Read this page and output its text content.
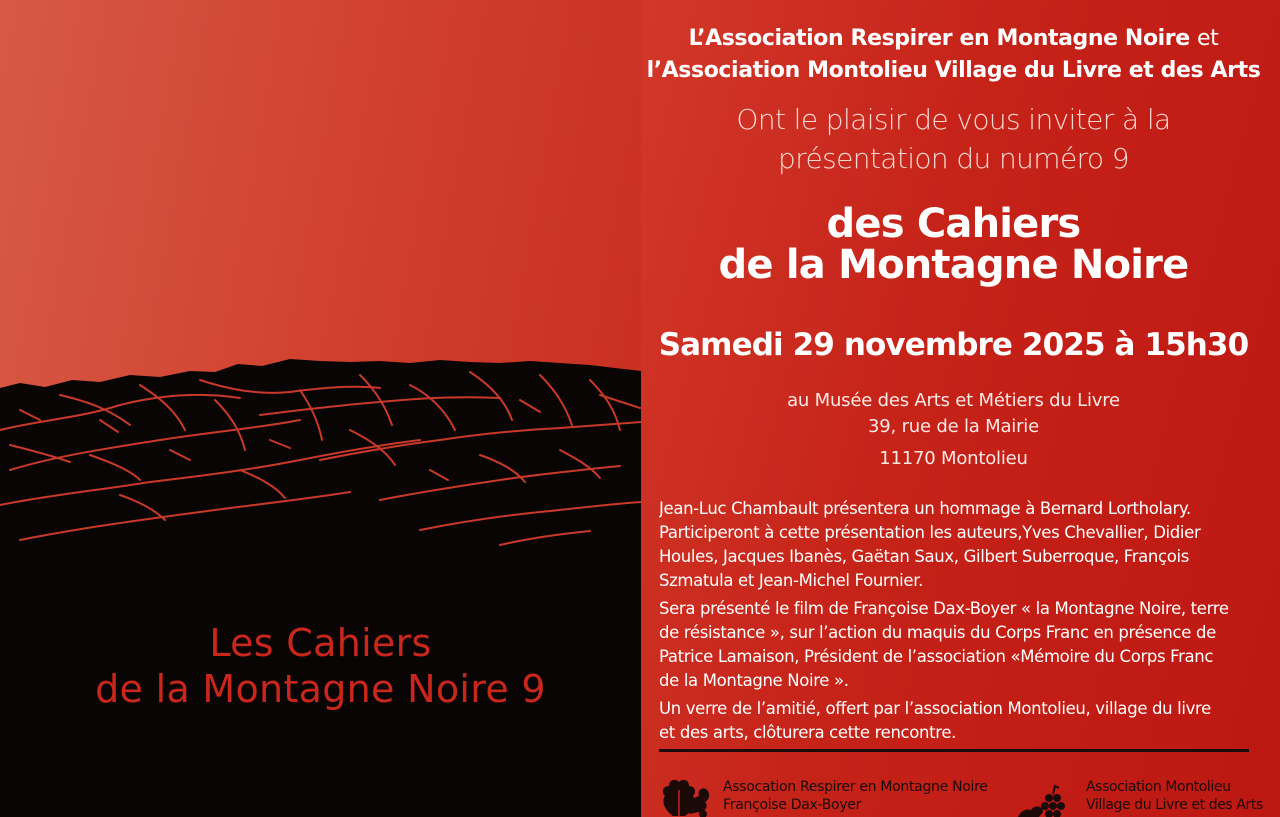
Les Cahiers
de la Montagne Noire 9
L’Association Respirer en Montagne Noire et
l’Association Montolieu Village du Livre et des Arts
Ont le plaisir de vous inviter à la
présentation du numéro 9
des Cahiers
de la Montagne Noire
Samedi 29 novembre 2025 à 15h30
au Musée des Arts et Métiers du Livre
39, rue de la Mairie
11170 Montolieu
Jean-Luc Chambault présentera un hommage à Bernard Lortholary.
Participeront à cette présentation les auteurs,Yves Chevallier, Didier
Houles, Jacques Ibanès, Gaëtan Saux, Gilbert Suberroque, François
Szmatula et Jean-Michel Fournier.
Sera présenté le film de Françoise Dax-Boyer « la Montagne Noire, terre
de résistance », sur l’action du maquis du Corps Franc en présence de
Patrice Lamaison, Président de l’association «Mémoire du Corps Franc
de la Montagne Noire ».
Un verre de l’amitié, offert par l’association Montolieu, village du livre
et des arts, clôturera cette rencontre.
Assocation Respirer en Montagne Noire
Françoise Dax-Boyer
Association Montolieu
Village du Livre et des Arts
